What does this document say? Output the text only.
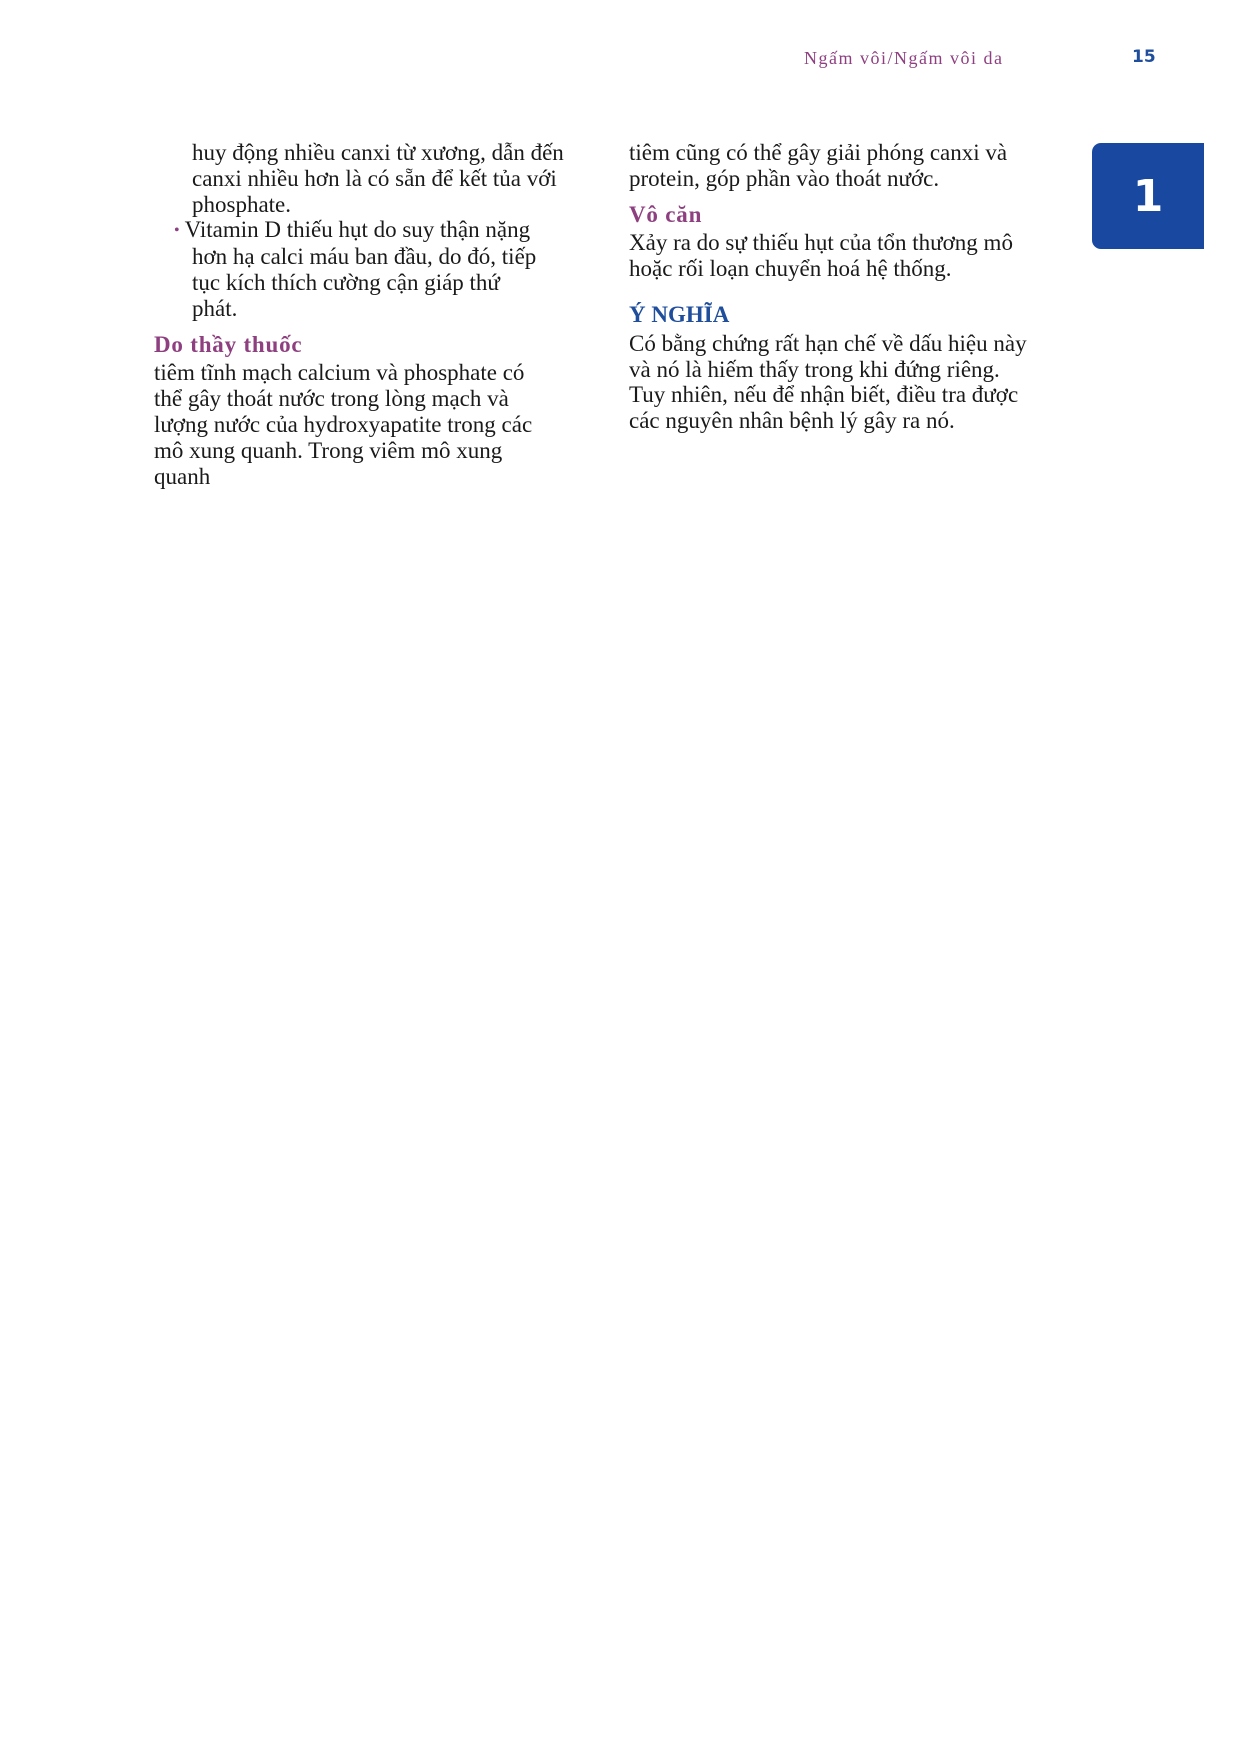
Ngấm vôi/Ngấm vôi da	15
1
huy động nhiều canxi từ xương, dẫn đến
canxi nhiều hơn là có sẵn để kết tủa với
phosphate.
• Vitamin D thiếu hụt do suy thận nặng
hơn hạ calci máu ban đầu, do đó, tiếp
tục kích thích cường cận giáp thứ
phát.
Do thầy thuốc
tiêm tĩnh mạch calcium và phosphate có
thể gây thoát nước trong lòng mạch và
lượng nước của hydroxyapatite trong các
mô xung quanh. Trong viêm mô xung
quanh
tiêm cũng có thể gây giải phóng canxi và
protein, góp phần vào thoát nước.
Vô căn
Xảy ra do sự thiếu hụt của tổn thương mô
hoặc rối loạn chuyển hoá hệ thống.
Ý NGHĨA
Có bằng chứng rất hạn chế về dấu hiệu này
và nó là hiếm thấy trong khi đứng riêng.
Tuy nhiên, nếu để nhận biết, điều tra được
các nguyên nhân bệnh lý gây ra nó.
